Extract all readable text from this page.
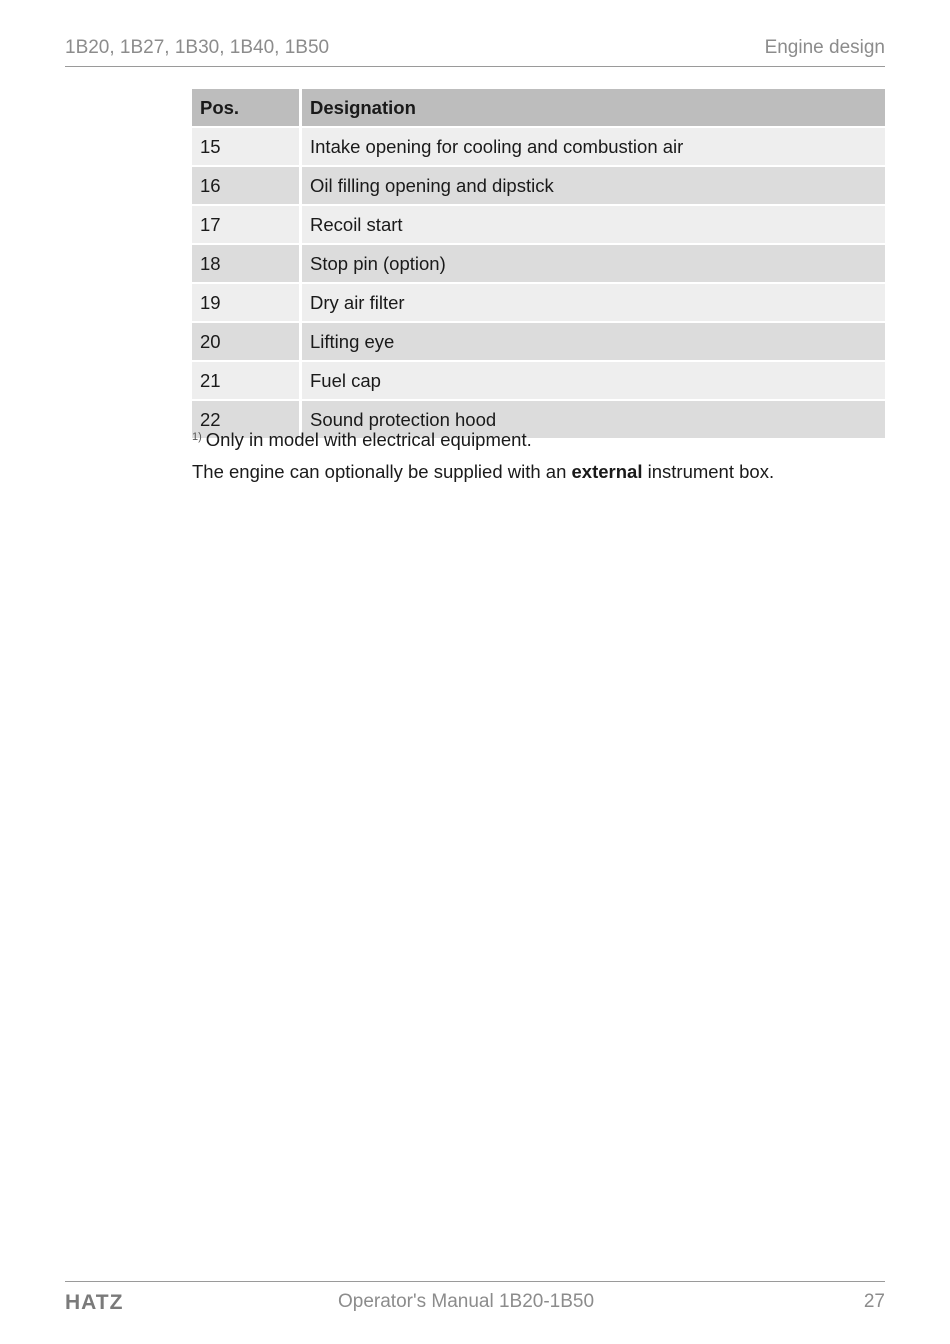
1B20, 1B27, 1B30, 1B40, 1B50	Engine design
Pos.	Designation
15	Intake opening for cooling and combustion air
16	Oil filling opening and dipstick
17	Recoil start
18	Stop pin (option)
19	Dry air filter
20	Lifting eye
21	Fuel cap
22	Sound protection hood
$^{1)}$ Only in model with electrical equipment.
The engine can optionally be supplied with an external instrument box.
HATZ	Operator's Manual 1B20-1B50	27
